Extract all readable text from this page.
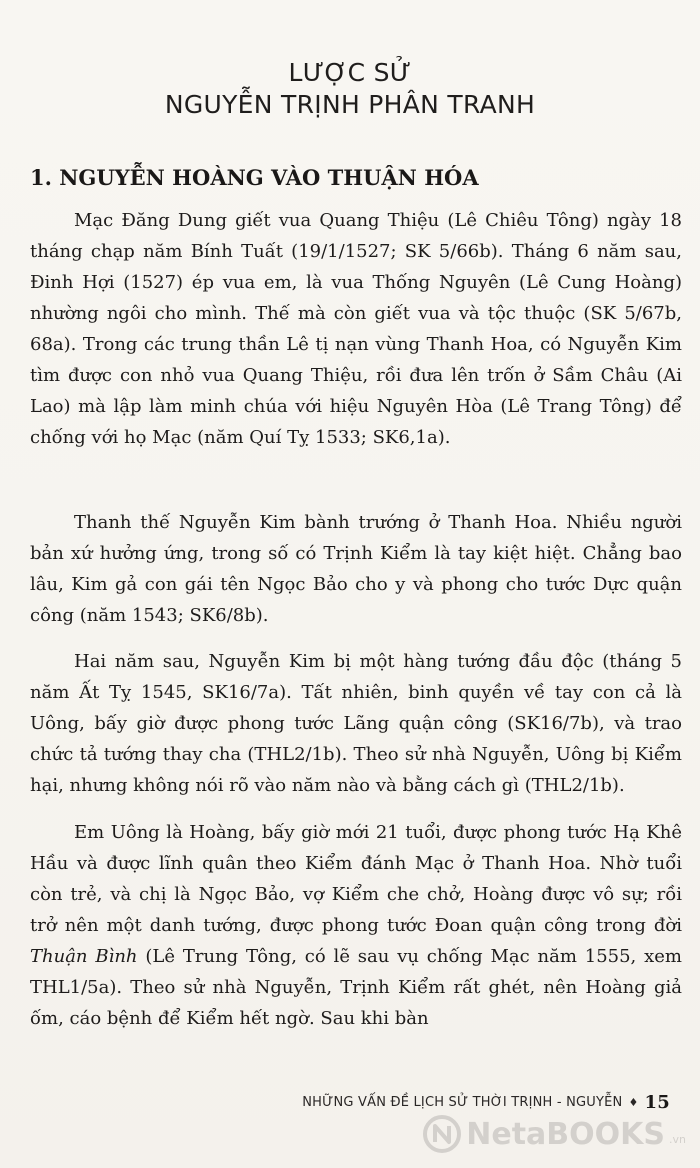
LƯỢC SỬ
NGUYỄN TRỊNH PHÂN TRANH
1. NGUYỄN HOÀNG VÀO THUẬN HÓA

Mạc Đăng Dung giết vua Quang Thiệu (Lê Chiêu Tông) ngày 18 tháng chạp năm Bính Tuất (19/1/1527; SK 5/66b). Tháng 6 năm sau, Đinh Hợi (1527) ép vua em, là vua Thống Nguyên (Lê Cung Hoàng) nhường ngôi cho mình. Thế mà còn giết vua và tộc thuộc (SK 5/67b, 68a). Trong các trung thần Lê tị nạn vùng Thanh Hoa, có Nguyễn Kim tìm được con nhỏ vua Quang Thiệu, rồi đưa lên trốn ở Sầm Châu (Ai Lao) mà lập làm minh chúa với hiệu Nguyên Hòa (Lê Trang Tông) để chống với họ Mạc (năm Quí Tỵ 1533; SK6,1a).

Thanh thế Nguyễn Kim bành trướng ở Thanh Hoa. Nhiều người bản xứ hưởng ứng, trong số có Trịnh Kiểm là tay kiệt hiệt. Chẳng bao lâu, Kim gả con gái tên Ngọc Bảo cho y và phong cho tước Dực quận công (năm 1543; SK6/8b).

Hai năm sau, Nguyễn Kim bị một hàng tướng đầu độc (tháng 5 năm Ất Tỵ 1545, SK16/7a). Tất nhiên, binh quyền về tay con cả là Uông, bấy giờ được phong tước Lãng quận công (SK16/7b), và trao chức tả tướng thay cha (THL2/1b). Theo sử nhà Nguyễn, Uông bị Kiểm hại, nhưng không nói rõ vào năm nào và bằng cách gì (THL2/1b).

Em Uông là Hoàng, bấy giờ mới 21 tuổi, được phong tước Hạ Khê Hầu và được lĩnh quân theo Kiểm đánh Mạc ở Thanh Hoa. Nhờ tuổi còn trẻ, và chị là Ngọc Bảo, vợ Kiểm che chở, Hoàng được vô sự; rồi trở nên một danh tướng, được phong tước Đoan quận công trong đời Thuận Bình (Lê Trung Tông, có lẽ sau vụ chống Mạc năm 1555, xem THL1/5a). Theo sử nhà Nguyễn, Trịnh Kiểm rất ghét, nên Hoàng giả ốm, cáo bệnh để Kiểm hết ngờ. Sau khi bàn

NHỮNG VẤN ĐỀ LỊCH SỬ THỜI TRỊNH - NGUYỄN ♦ 15
NetaBOOKS .vn
